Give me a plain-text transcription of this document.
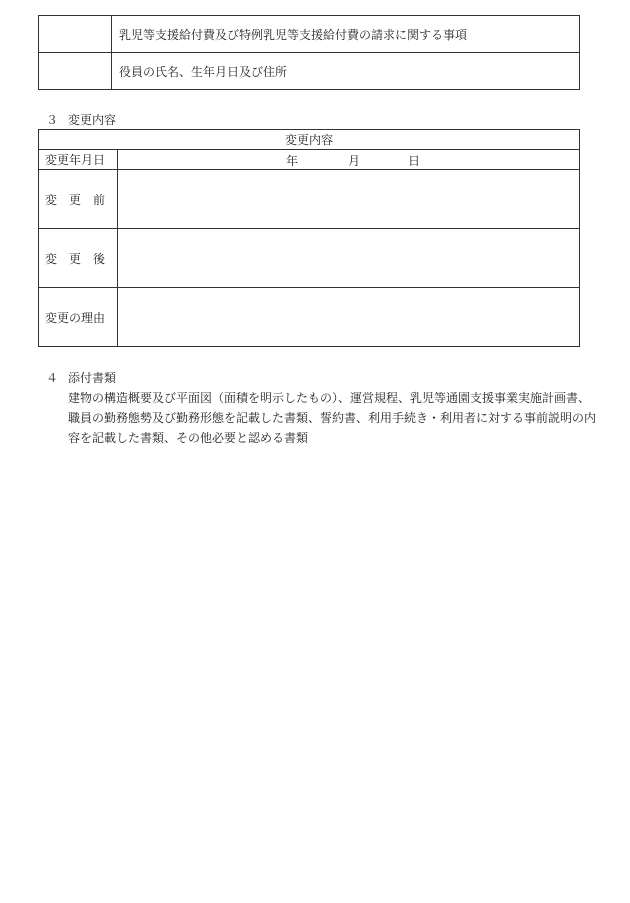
	乳児等支援給付費及び特例乳児等支援給付費の請求に関する事項
	役員の氏名、生年月日及び住所
３ 変更内容
変更内容	
変更年月日	年 月 日

変　更　前	
変　更　後	
変更の理由	
４ 添付書類

建物の構造概要及び平面図（面積を明示したもの）、運営規程、乳児等通園支援事業実施計画書、

職員の勤務態勢及び勤務形態を記載した書類、誓約書、利用手続き・利用者に対する事前説明の内

容を記載した書類、その他必要と認める書類
